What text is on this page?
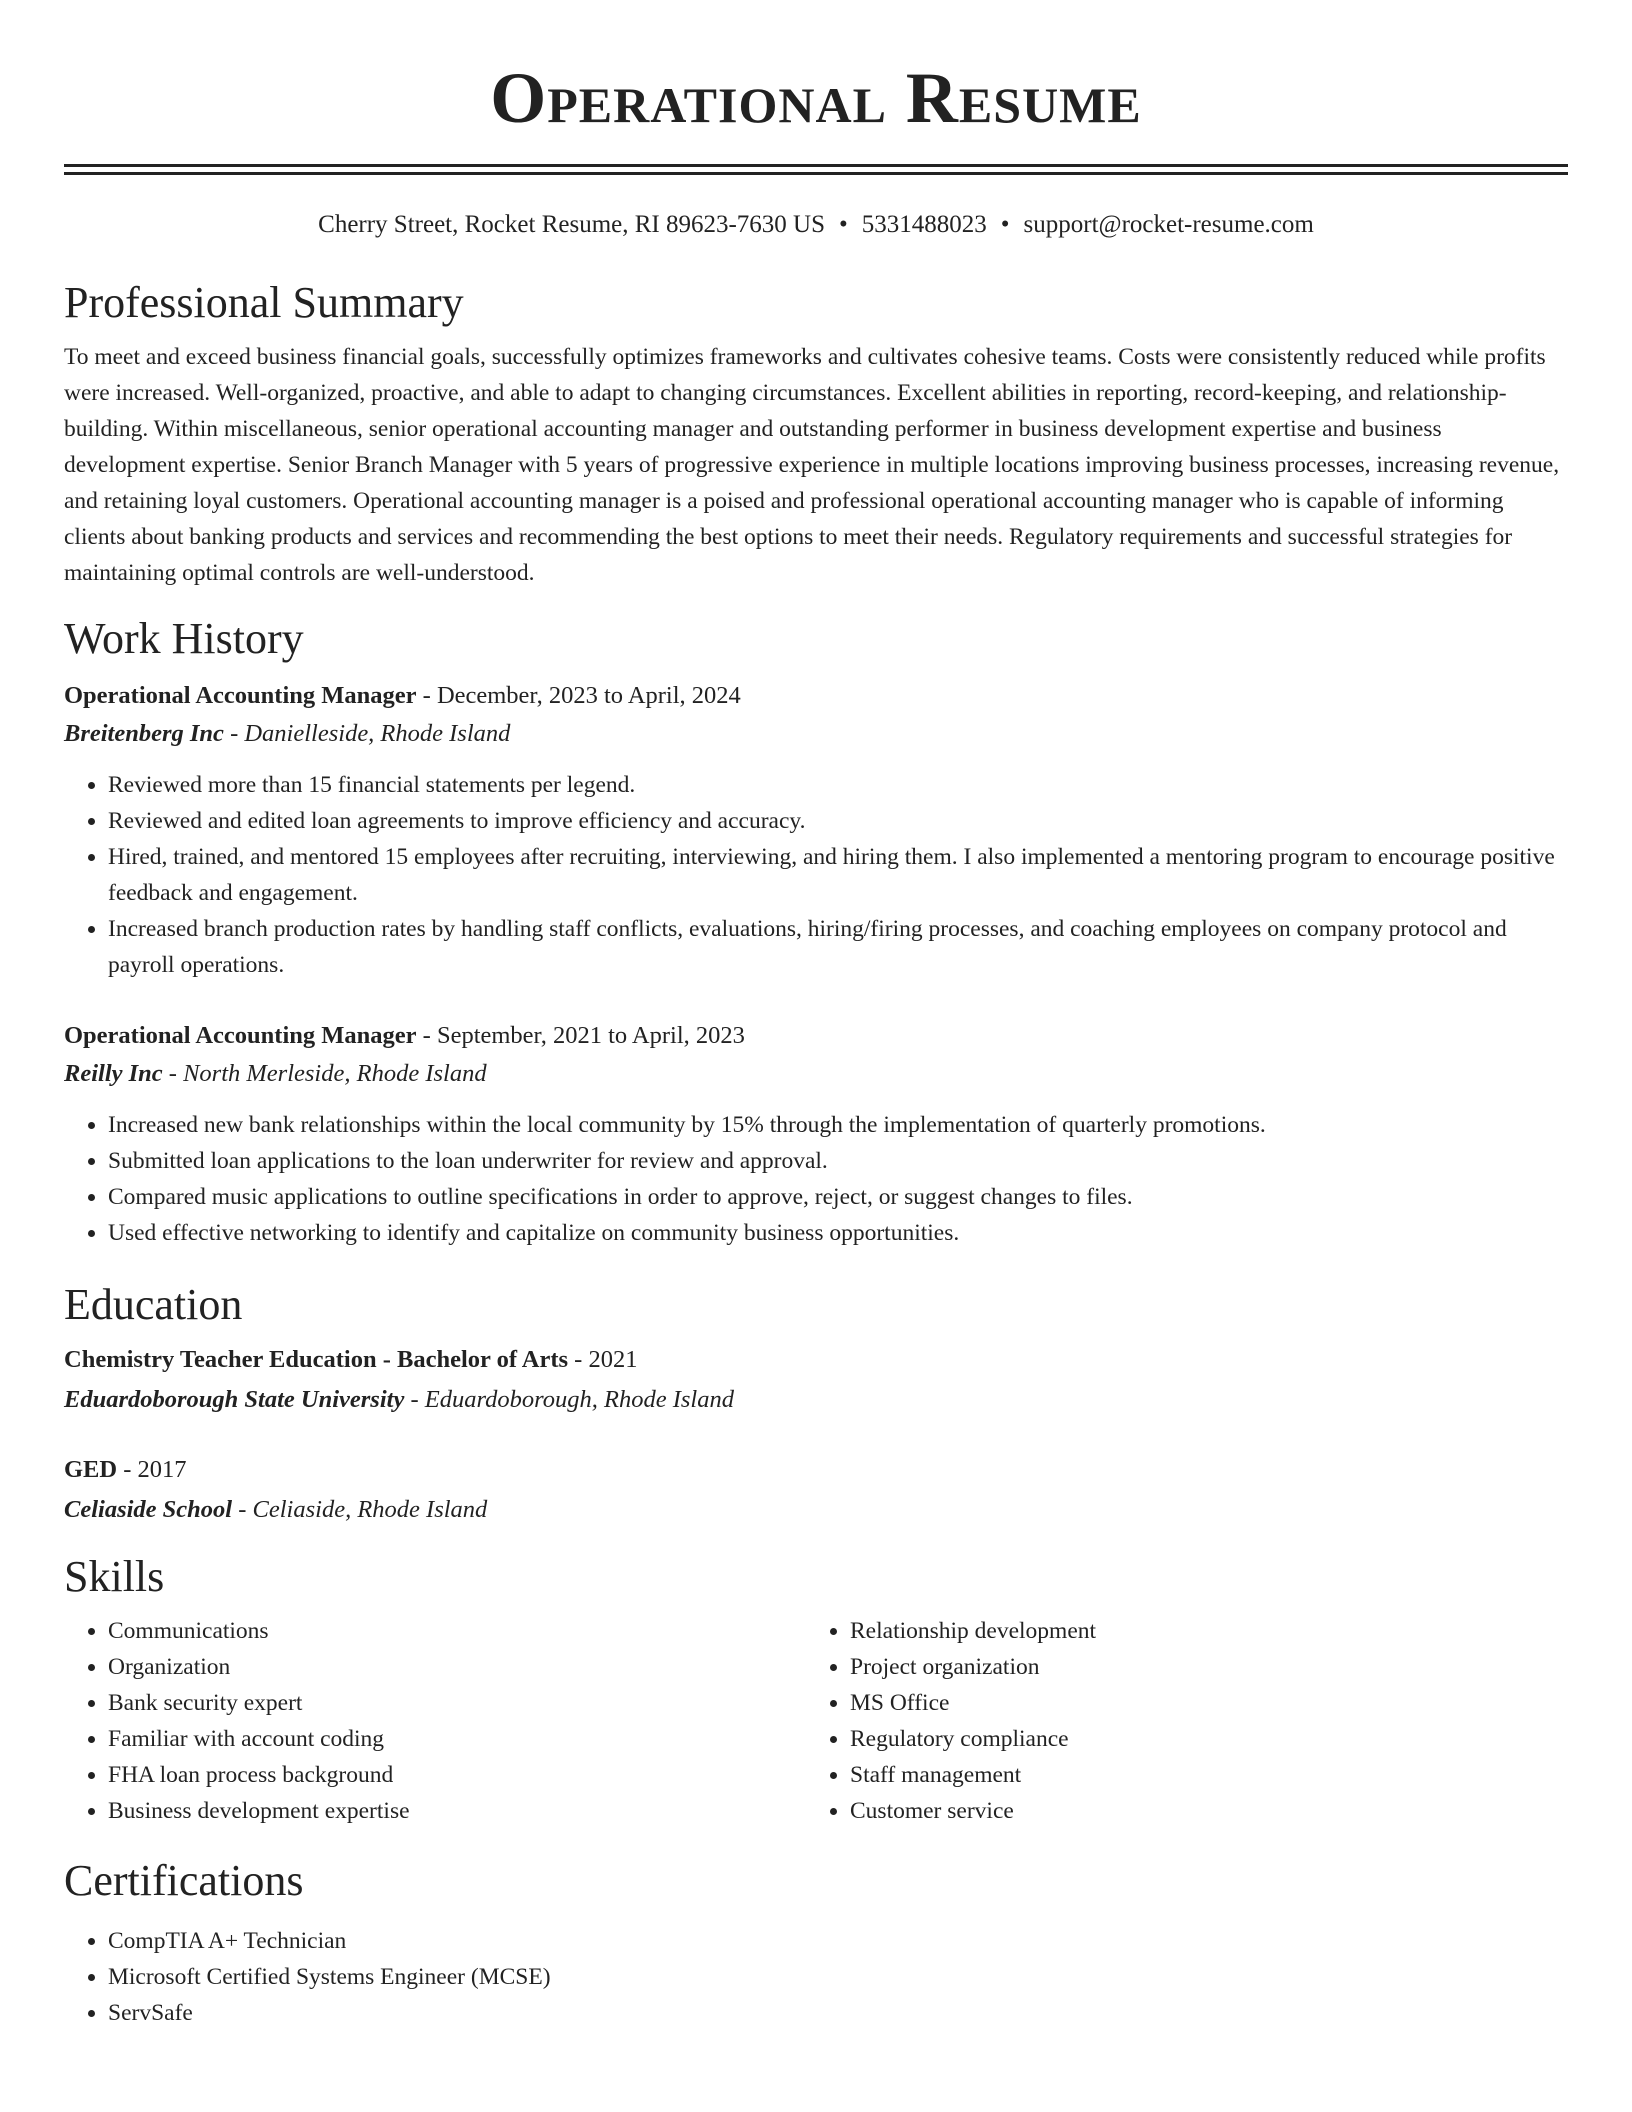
Operational Resume
Cherry Street, Rocket Resume, RI 89623-7630 US • 5331488023 • support@rocket-resume.com
Professional Summary

To meet and exceed business financial goals, successfully optimizes frameworks and cultivates cohesive teams. Costs were consistently reduced while profits were increased. Well-organized, proactive, and able to adapt to changing circumstances. Excellent abilities in reporting, record-keeping, and relationship-building. Within miscellaneous, senior operational accounting manager and outstanding performer in business development expertise and business development expertise. Senior Branch Manager with 5 years of progressive experience in multiple locations improving business processes, increasing revenue, and retaining loyal customers. Operational accounting manager is a poised and professional operational accounting manager who is capable of informing clients about banking products and services and recommending the best options to meet their needs. Regulatory requirements and successful strategies for maintaining optimal controls are well-understood.

Work History
Operational Accounting Manager - December, 2023 to April, 2024
Breitenberg Inc - Danielleside, Rhode Island
• Reviewed more than 15 financial statements per legend.
• Reviewed and edited loan agreements to improve efficiency and accuracy.
• Hired, trained, and mentored 15 employees after recruiting, interviewing, and hiring them. I also implemented a mentoring program to encourage positive feedback and engagement.
• Increased branch production rates by handling staff conflicts, evaluations, hiring/firing processes, and coaching employees on company protocol and payroll operations.
Operational Accounting Manager - September, 2021 to April, 2023
Reilly Inc - North Merleside, Rhode Island
• Increased new bank relationships within the local community by 15% through the implementation of quarterly promotions.
• Submitted loan applications to the loan underwriter for review and approval.
• Compared music applications to outline specifications in order to approve, reject, or suggest changes to files.
• Used effective networking to identify and capitalize on community business opportunities.
Education
Chemistry Teacher Education - Bachelor of Arts - 2021
Eduardoborough State University - Eduardoborough, Rhode Island
GED - 2017
Celiaside School - Celiaside, Rhode Island
Skills
• Communications
• Organization
• Bank security expert
• Familiar with account coding
• FHA loan process background
• Business development expertise
• Relationship development
• Project organization
• MS Office
• Regulatory compliance
• Staff management
• Customer service
Certifications
• CompTIA A+ Technician
• Microsoft Certified Systems Engineer (MCSE)
• ServSafe
